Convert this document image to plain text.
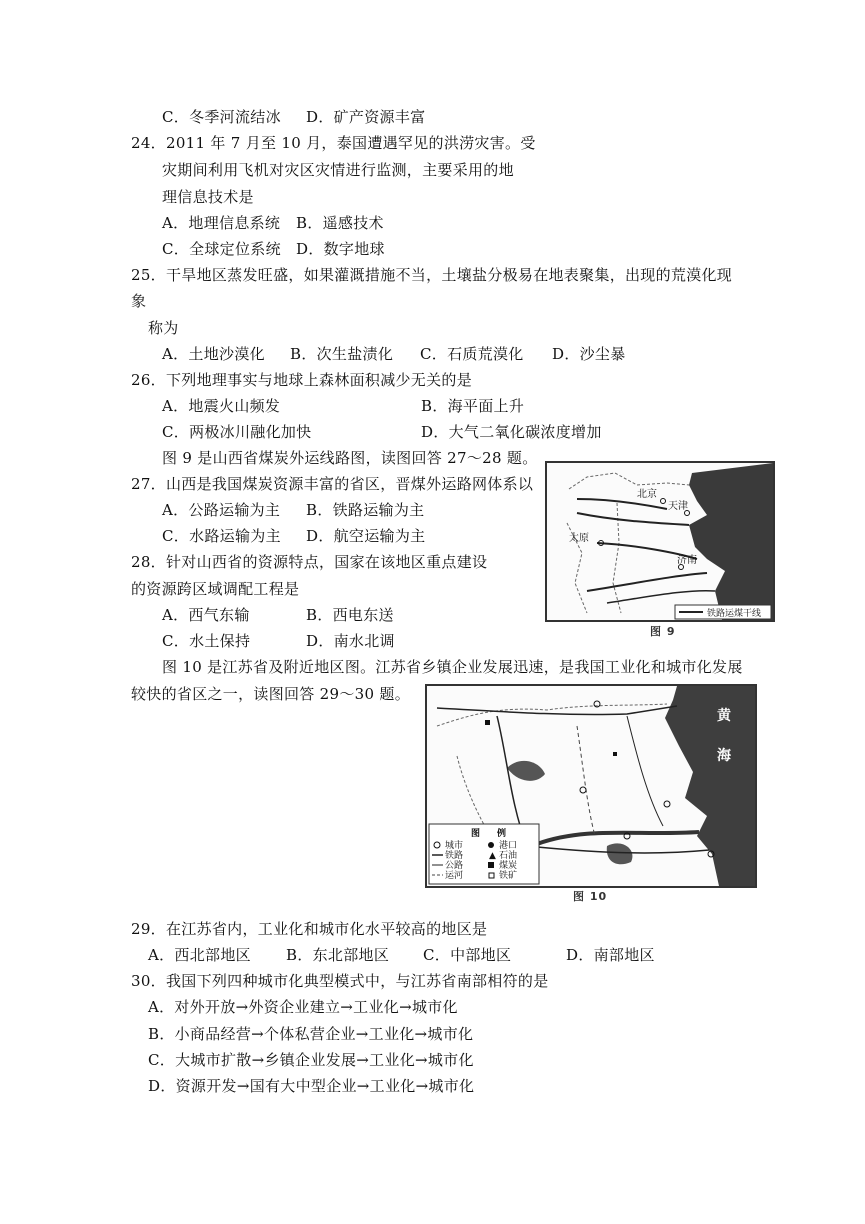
C．冬季河流结冰 D．矿产资源丰富
24．2011 年 7 月至 10 月，泰国遭遇罕见的洪涝灾害。受
灾期间利用飞机对灾区灾情进行监测，主要采用的地
理信息技术是
A．地理信息系统 B．遥感技术
C．全球定位系统 D．数字地球
25．干旱地区蒸发旺盛，如果灌溉措施不当，土壤盐分极易在地表聚集，出现的荒漠化现
象
称为
A．土地沙漠化 B．次生盐渍化 C．石质荒漠化 D．沙尘暴
26．下列地理事实与地球上森林面积减少无关的是
A．地震火山频发	B．海平面上升
C．两极冰川融化加快	D．大气二氧化碳浓度增加
图 9 是山西省煤炭外运线路图，读图回答 27～28 题。
27．山西是我国煤炭资源丰富的省区，晋煤外运路网体系以
A．公路运输为主 B．铁路运输为主
C．水路运输为主 D．航空运输为主
28．针对山西省的资源特点，国家在该地区重点建设
的资源跨区域调配工程是
A．西气东输	B．西电东送
C．水土保持	D．南水北调
北京
天津
太原
济南
铁路运煤干线
图 9
图 10 是江苏省及附近地区图。江苏省乡镇企业发展迅速，是我国工业化和城市化发展
较快的省区之一，读图回答 29～30 题。
黄
海
图 例
城市
铁路
公路
运河
港口
▲ 石油
煤炭
铁矿
图 10
29．在江苏省内，工业化和城市化水平较高的地区是
A．西北部地区 B．东北部地区 C．中部地区	D．南部地区
30．我国下列四种城市化典型模式中，与江苏省南部相符的是
A．对外开放→外资企业建立→工业化→城市化
B．小商品经营→个体私营企业→工业化→城市化
C．大城市扩散→乡镇企业发展→工业化→城市化
D．资源开发→国有大中型企业→工业化→城市化
